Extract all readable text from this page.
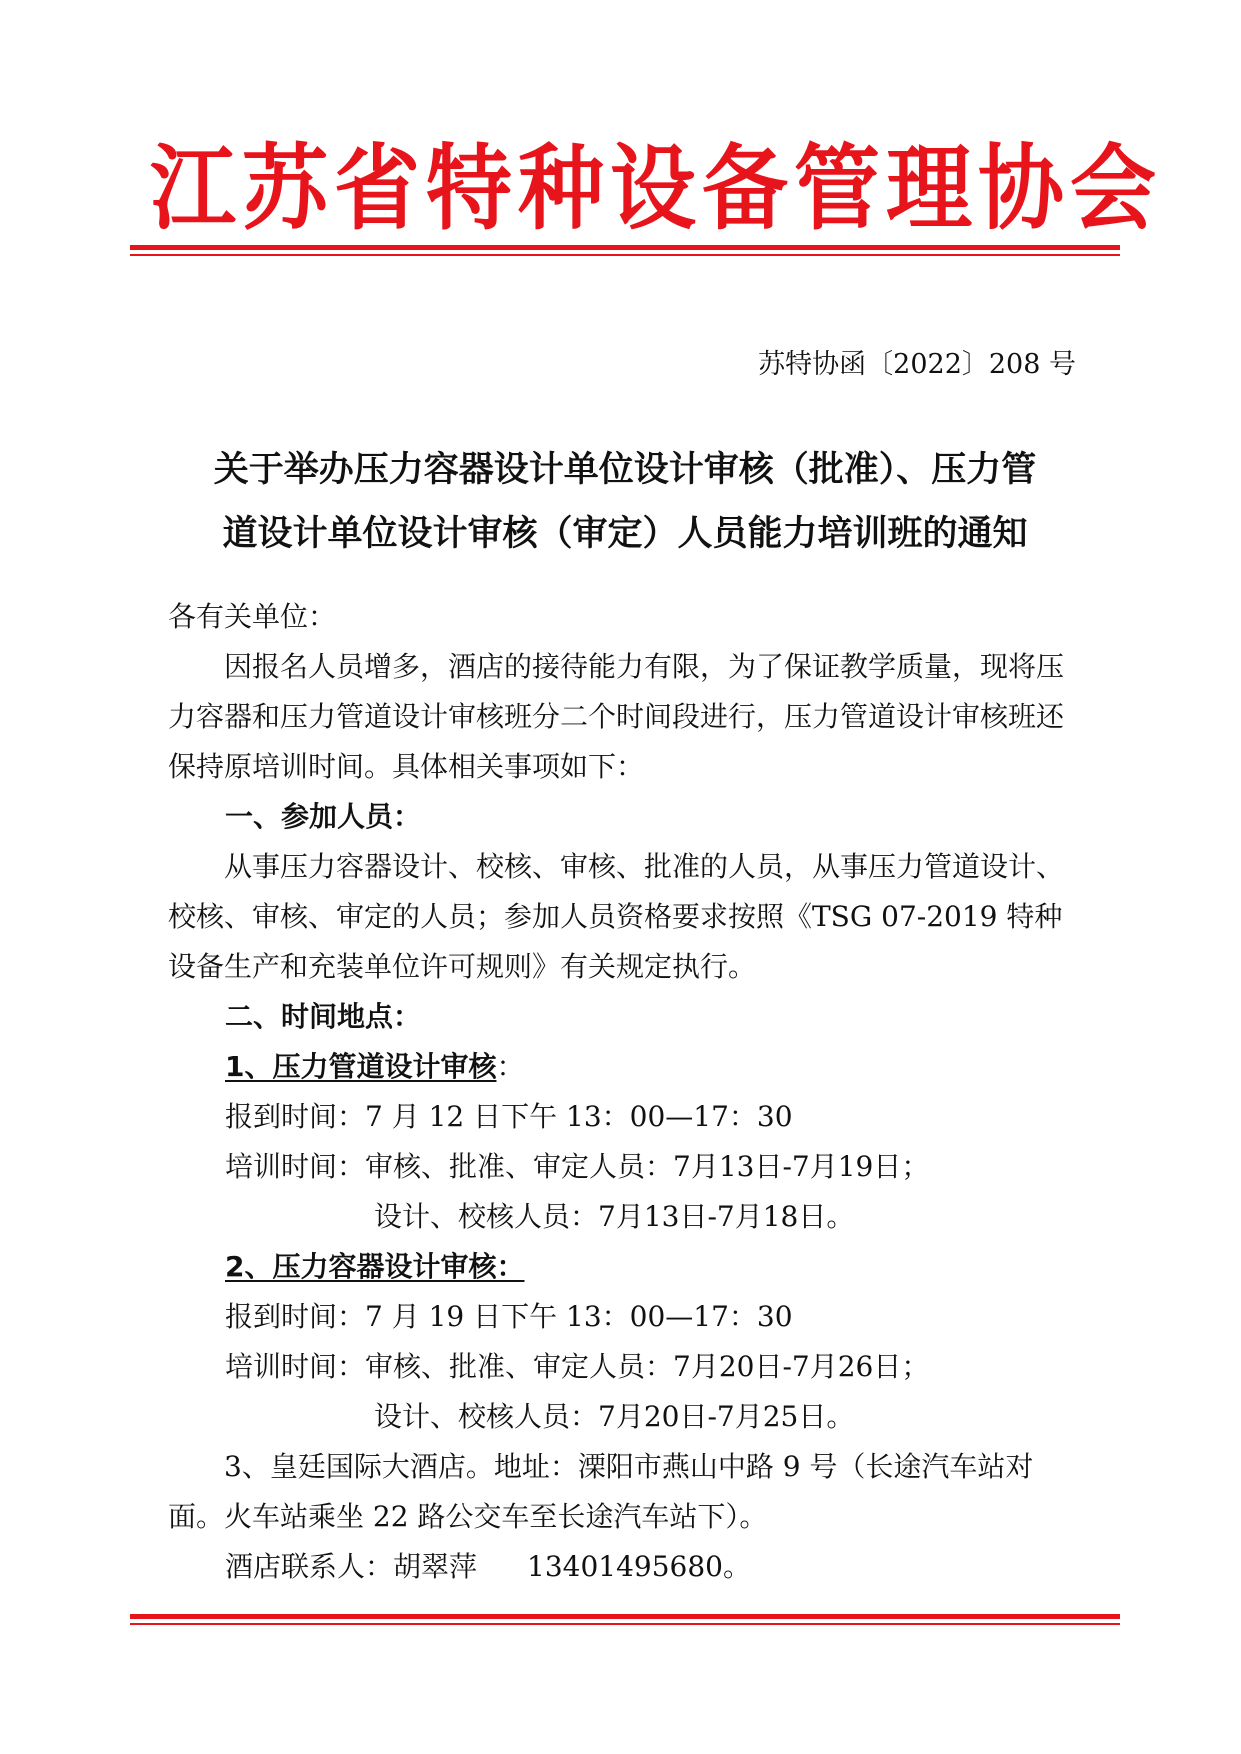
江苏省特种设备管理协会
苏特协函〔2022〕208 号
关于举办压力容器设计单位设计审核（批准）、压力管
道设计单位设计审核（审定）人员能力培训班的通知

各有关单位：

因报名人员增多，酒店的接待能力有限，为了保证教学质量，现将压力容器和压力管道设计审核班分二个时间段进行，压力管道设计审核班还保持原培训时间。具体相关事项如下：

一、参加人员：

从事压力容器设计、校核、审核、批准的人员，从事压力管道设计、校核、审核、审定的人员；参加人员资格要求按照《TSG 07-2019 特种设备生产和充装单位许可规则》有关规定执行。

二、时间地点：

1、压力管道设计审核：

报到时间：7 月 12 日下午 13：00—17：30

培训时间：审核、批准、审定人员：7月13日-7月19日；

设计、校核人员：7月13日-7月18日。

2、压力容器设计审核：

报到时间：7 月 19 日下午 13：00—17：30

培训时间：审核、批准、审定人员：7月20日-7月26日；

设计、校核人员：7月20日-7月25日。

3、皇廷国际大酒店。地址：溧阳市燕山中路 9 号（长途汽车站对面。火车站乘坐 22 路公交车至长途汽车站下）。

酒店联系人：胡翠萍 13401495680。
